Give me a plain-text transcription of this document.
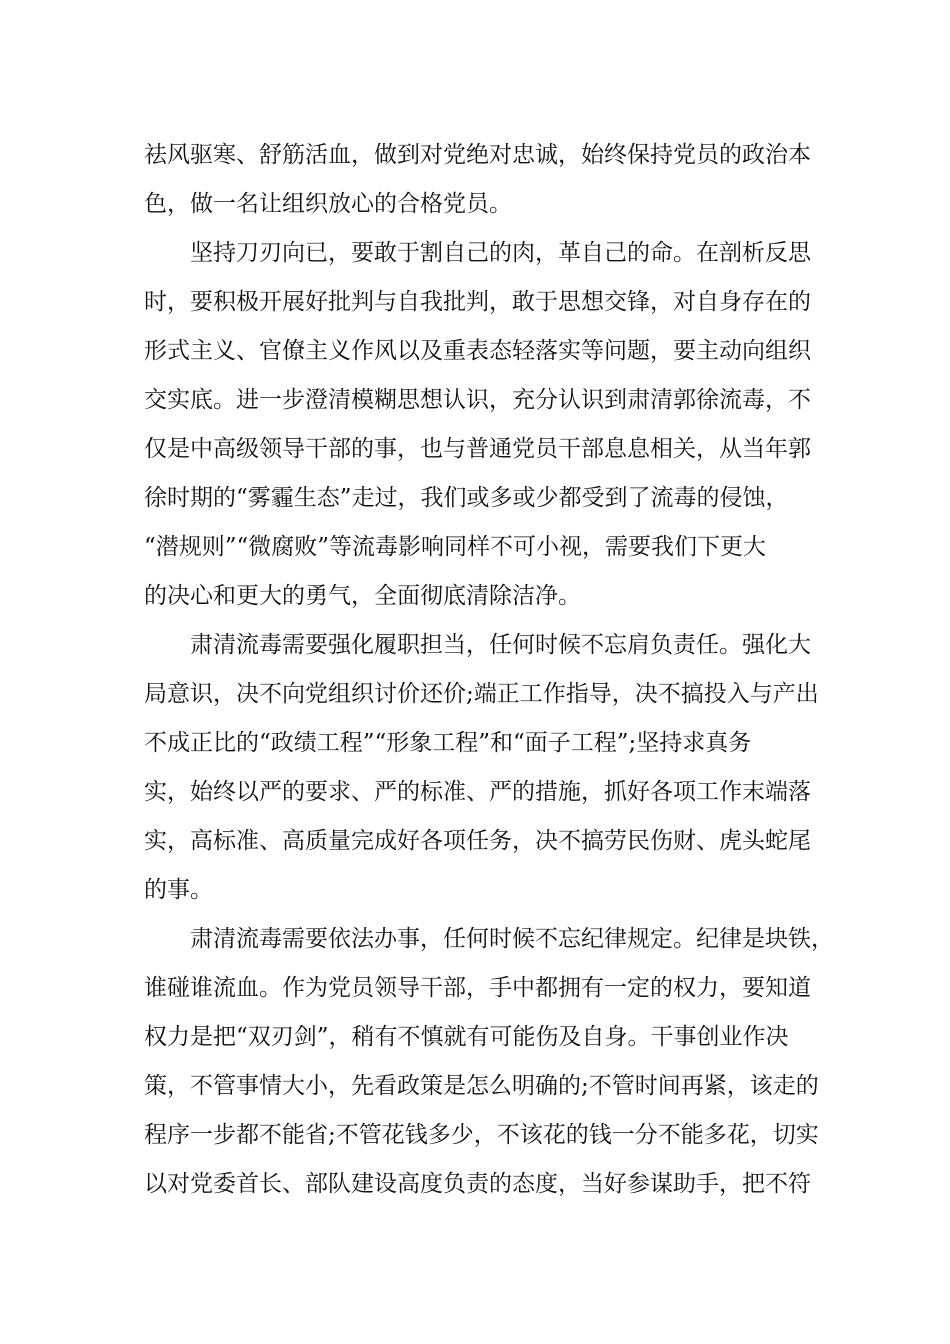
祛风驱寒、舒筋活血，做到对党绝对忠诚，始终保持党员的政治本
色，做一名让组织放心的合格党员。
坚持刀刃向已，要敢于割自己的肉，革自己的命。在剖析反思
时，要积极开展好批判与自我批判，敢于思想交锋，对自身存在的
形式主义、官僚主义作风以及重表态轻落实等问题，要主动向组织
交实底。进一步澄清模糊思想认识，充分认识到肃清郭徐流毒，不
仅是中高级领导干部的事，也与普通党员干部息息相关，从当年郭
徐时期的“雾霾生态”走过，我们或多或少都受到了流毒的侵蚀，
“潜规则”“微腐败”等流毒影响同样不可小视，需要我们下更大
的决心和更大的勇气，全面彻底清除洁净。
肃清流毒需要强化履职担当，任何时候不忘肩负责任。强化大
局意识，决不向党组织讨价还价;端正工作指导，决不搞投入与产出
不成正比的“政绩工程”“形象工程”和“面子工程”;坚持求真务
实，始终以严的要求、严的标准、严的措施，抓好各项工作末端落
实，高标准、高质量完成好各项任务，决不搞劳民伤财、虎头蛇尾
的事。
肃清流毒需要依法办事，任何时候不忘纪律规定。纪律是块铁，
谁碰谁流血。作为党员领导干部，手中都拥有一定的权力，要知道
权力是把“双刃剑”，稍有不慎就有可能伤及自身。干事创业作决
策，不管事情大小，先看政策是怎么明确的;不管时间再紧，该走的
程序一步都不能省;不管花钱多少，不该花的钱一分不能多花，切实
以对党委首长、部队建设高度负责的态度，当好参谋助手，把不符
